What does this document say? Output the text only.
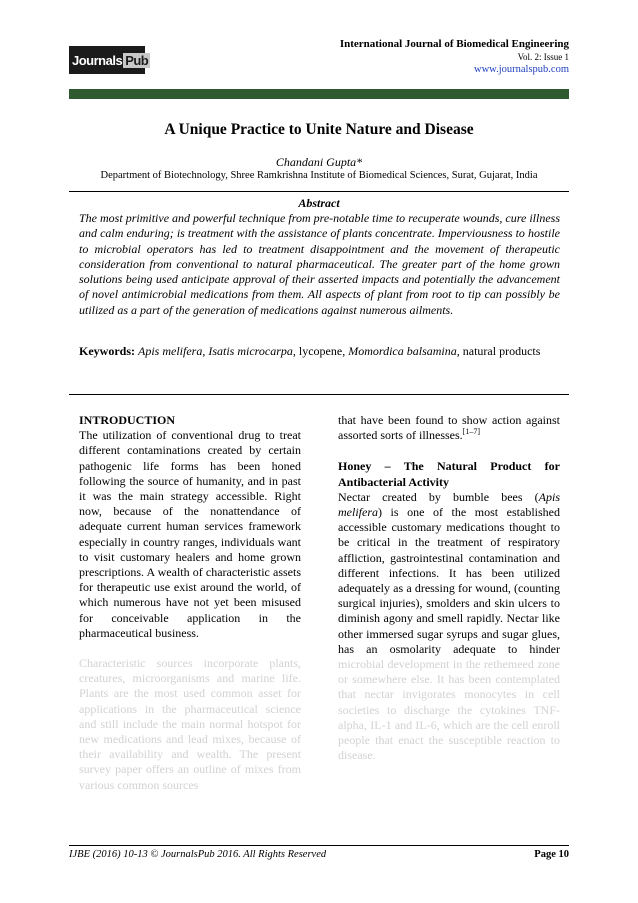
Journals Pub
International Journal of Biomedical Engineering
Vol. 2: Issue 1
www.journalspub.com
A Unique Practice to Unite Nature and Disease
Chandani Gupta*
Department of Biotechnology, Shree Ramkrishna Institute of Biomedical Sciences, Surat, Gujarat, India
Abstract

The most primitive and powerful technique from pre-notable time to recuperate wounds, cure illness and calm enduring; is treatment with the assistance of plants concentrate. Imperviousness to hostile to microbial operators has led to treatment disappointment and the movement of therapeutic consideration from conventional to natural pharmaceutical. The greater part of the home grown solutions being used anticipate approval of their asserted impacts and potentially the advancement of novel antimicrobial medications from them. All aspects of plant from root to tip can possibly be utilized as a part of the generation of medications against numerous ailments.

Keywords: Apis melifera, Isatis microcarpa, lycopene, Momordica balsamina, natural products

INTRODUCTION

The utilization of conventional drug to treat different contaminations created by certain pathogenic life forms has been honed following the source of humanity, and in past it was the main strategy accessible. Right now, because of the nonattendance of adequate current human services framework especially in country ranges, individuals want to visit customary healers and home grown prescriptions. A wealth of characteristic assets for therapeutic use exist around the world, of which numerous have not yet been misused for conceivable application in the pharmaceutical business.

Characteristic sources incorporate plants, creatures, microorganisms and marine life. Plants are the most used common asset for applications in the pharmaceutical science and still include the main normal hotspot for new medications and lead mixes, because of their availability and wealth. The present survey paper offers an outline of mixes from various common sources

that have been found to show action against assorted sorts of illnesses.[1–7]

Honey – The Natural Product for Antibacterial Activity

Nectar created by bumble bees (Apis melifera) is one of the most established accessible customary medications thought to be critical in the treatment of respiratory affliction, gastrointestinal contamination and different infections. It has been utilized adequately as a dressing for wound, (counting surgical injuries), smolders and skin ulcers to diminish agony and smell rapidly. Nectar like other immersed sugar syrups and sugar glues, has an osmolarity adequate to hinder microbial development in the rethemeed zone or somewhere else. It has been contemplated that nectar invigorates monocytes in cell societies to discharge the cytokines TNF-alpha, IL-1 and IL-6, which are the cell enroll people that enact the susceptible reaction to disease.

IJBE (2016) 10-13 © JournalsPub 2016. All Rights Reserved	Page 10
